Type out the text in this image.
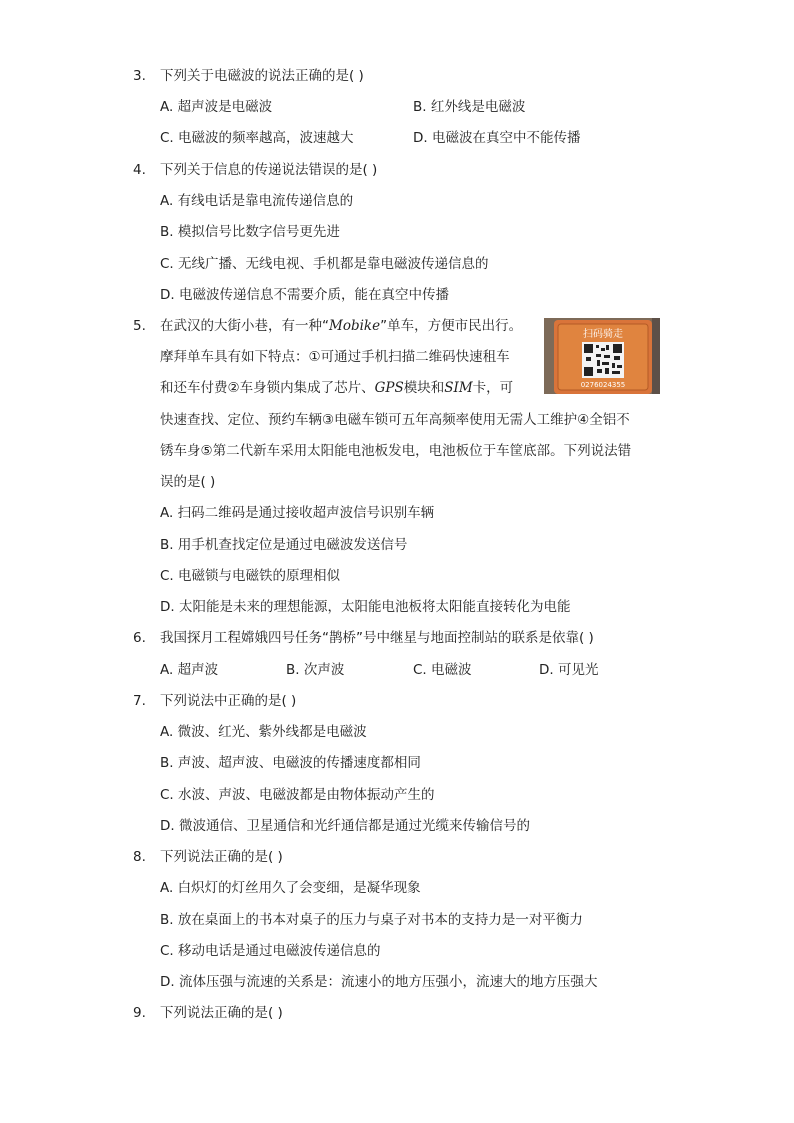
3. 下列关于电磁波的说法正确的是( )
A. 超声波是电磁波	B. 红外线是电磁波
C. 电磁波的频率越高，波速越大	D. 电磁波在真空中不能传播
4. 下列关于信息的传递说法错误的是( )
A. 有线电话是靠电流传递信息的
B. 模拟信号比数字信号更先进
C. 无线广播、无线电视、手机都是靠电磁波传递信息的
D. 电磁波传递信息不需要介质，能在真空中传播
5. 在武汉的大街小巷，有一种“Mobike”单车，方便市民出行。
摩拜单车具有如下特点：①可通过手机扫描二维码快速租车
和还车付费②车身锁内集成了芯片、GPS模块和SIM卡，可
快速查找、定位、预约车辆③电磁车锁可五年高频率使用无需人工维护④全铝不
锈车身⑤第二代新车采用太阳能电池板发电，电池板位于车筐底部。下列说法错
误的是( )
扫码骑走
0276024355
A. 扫码二维码是通过接收超声波信号识别车辆
B. 用手机查找定位是通过电磁波发送信号
C. 电磁锁与电磁铁的原理相似
D. 太阳能是未来的理想能源，太阳能电池板将太阳能直接转化为电能
6. 我国探月工程嫦娥四号任务“鹊桥”号中继星与地面控制站的联系是依靠( )
A. 超声波	B. 次声波	C. 电磁波	D. 可见光
7. 下列说法中正确的是( )
A. 微波、红光、紫外线都是电磁波
B. 声波、超声波、电磁波的传播速度都相同
C. 水波、声波、电磁波都是由物体振动产生的
D. 微波通信、卫星通信和光纤通信都是通过光缆来传输信号的
8. 下列说法正确的是( )
A. 白炽灯的灯丝用久了会变细，是凝华现象
B. 放在桌面上的书本对桌子的压力与桌子对书本的支持力是一对平衡力
C. 移动电话是通过电磁波传递信息的
D. 流体压强与流速的关系是：流速小的地方压强小，流速大的地方压强大
9. 下列说法正确的是( )
